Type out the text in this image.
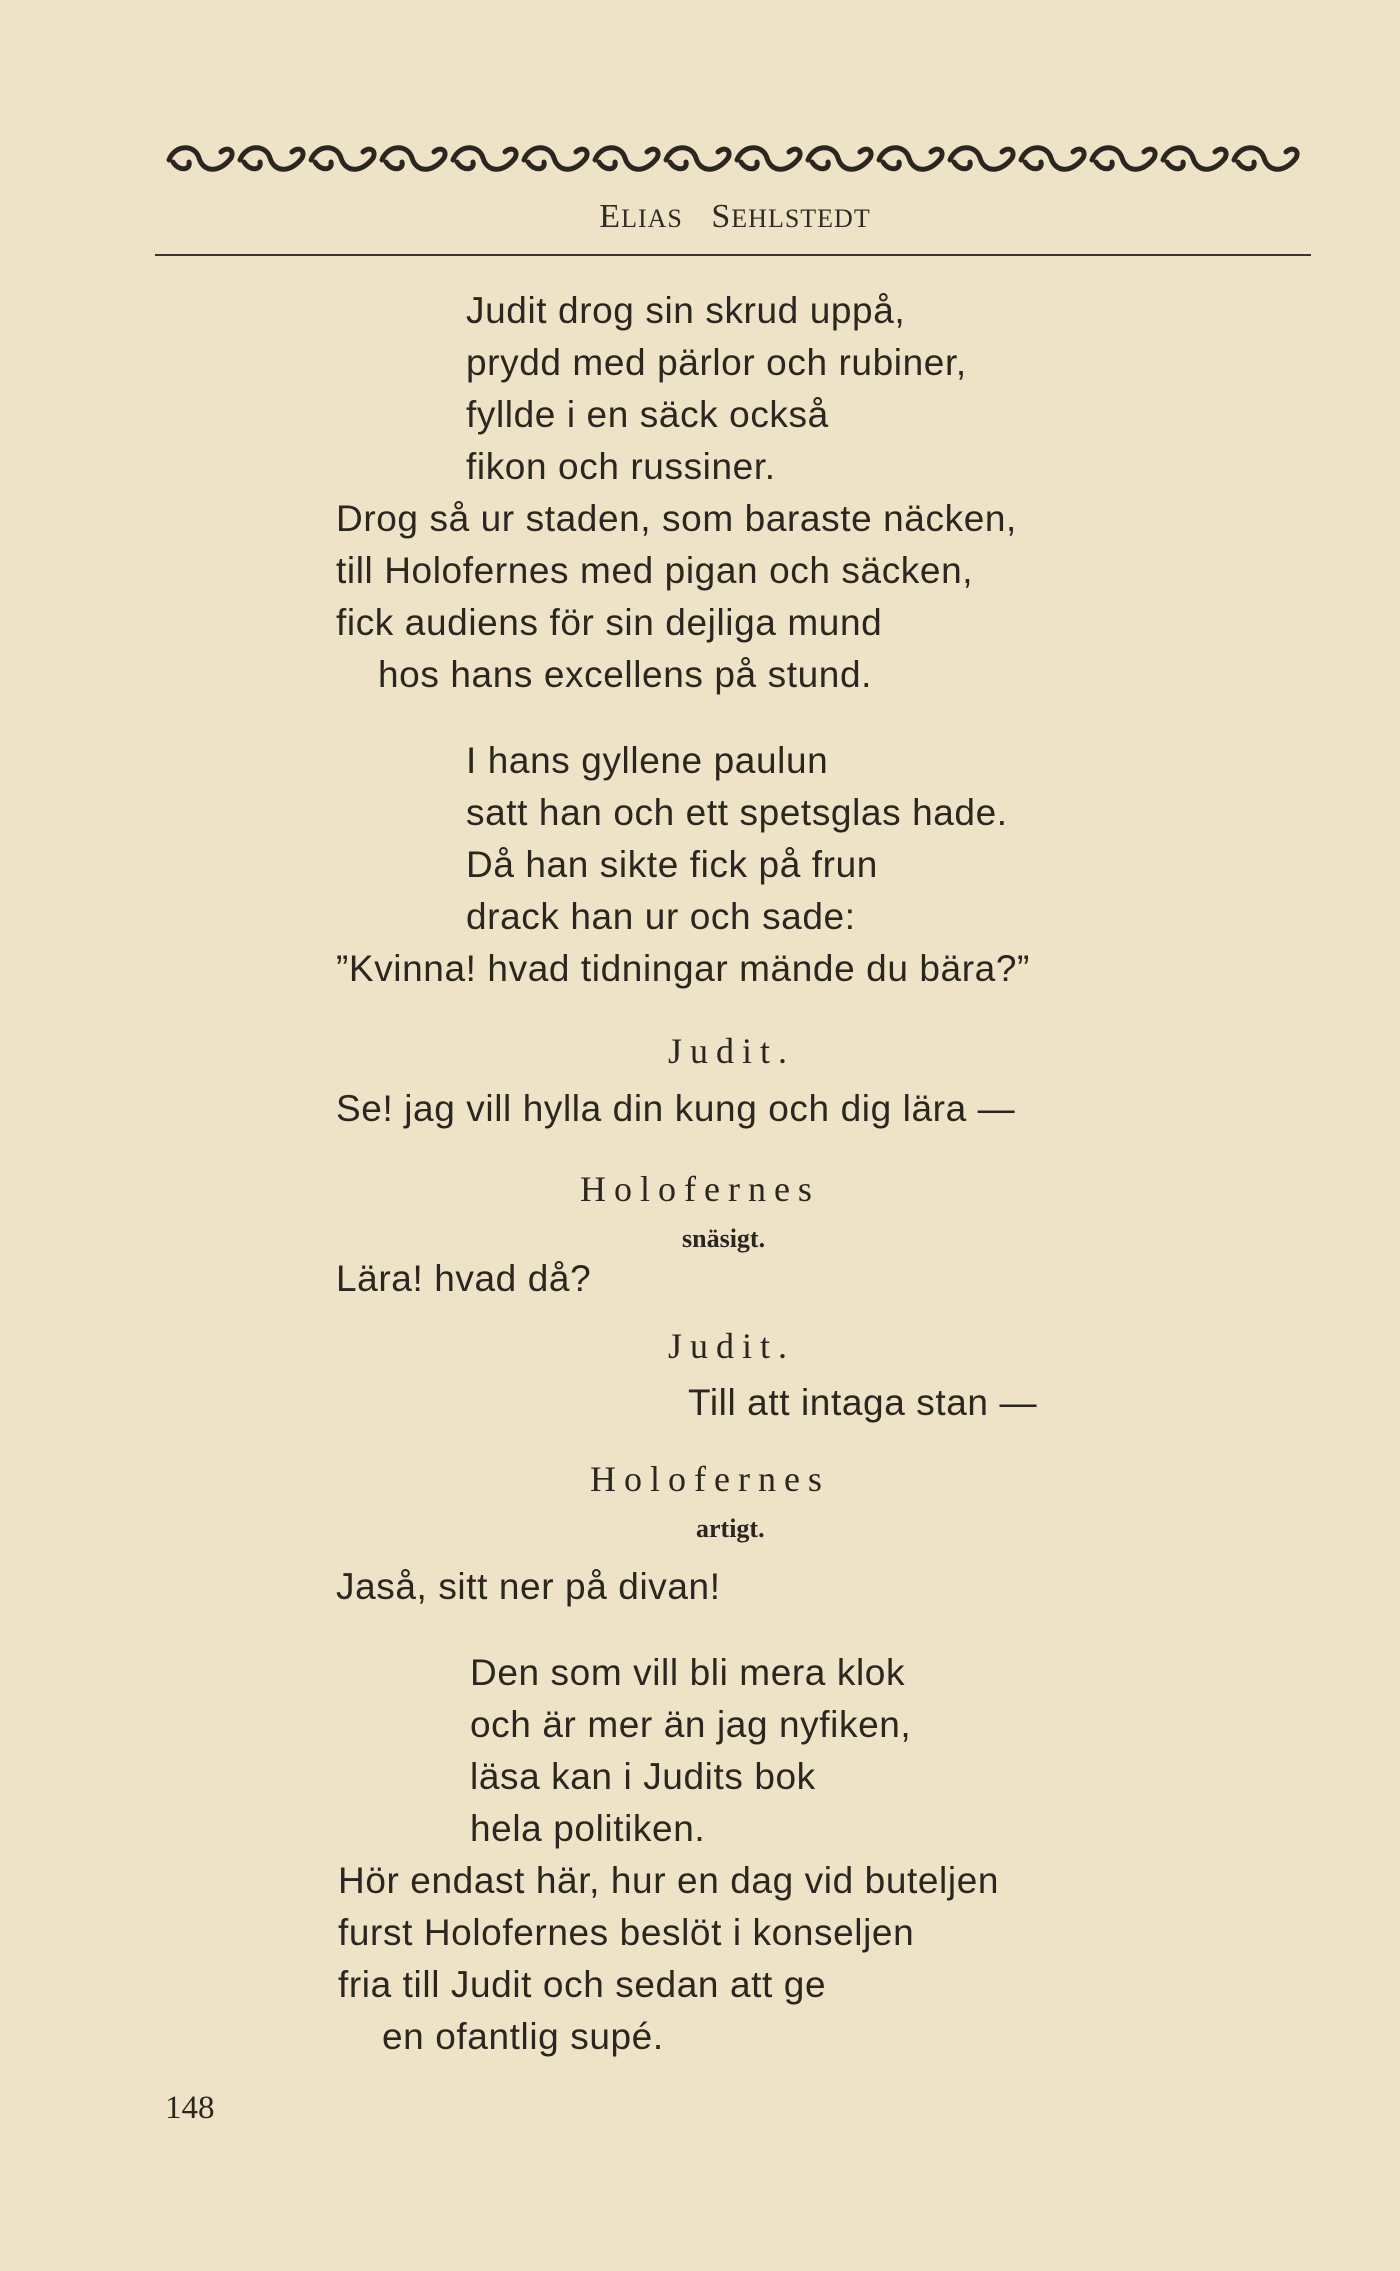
ELIAS SEHLSTEDT
Judit drog sin skrud uppå,
prydd med pärlor och rubiner,
fyllde i en säck också
fikon och russiner.
Drog så ur staden, som baraste näcken,
till Holofernes med pigan och säcken,
fick audiens för sin dejliga mund
hos hans excellens på stund.
I hans gyllene paulun
satt han och ett spetsglas hade.
Då han sikte fick på frun
drack han ur och sade:
”Kvinna! hvad tidningar mände du bära?”
Judit.
Se! jag vill hylla din kung och dig lära —
Holofernes
snäsigt.
Lära! hvad då?
Judit.
Till att intaga stan —
Holofernes
artigt.
Jaså, sitt ner på divan!
Den som vill bli mera klok
och är mer än jag nyfiken,
läsa kan i Judits bok
hela politiken.
Hör endast här, hur en dag vid buteljen
furst Holofernes beslöt i konseljen
fria till Judit och sedan att ge
en ofantlig supé.
148
